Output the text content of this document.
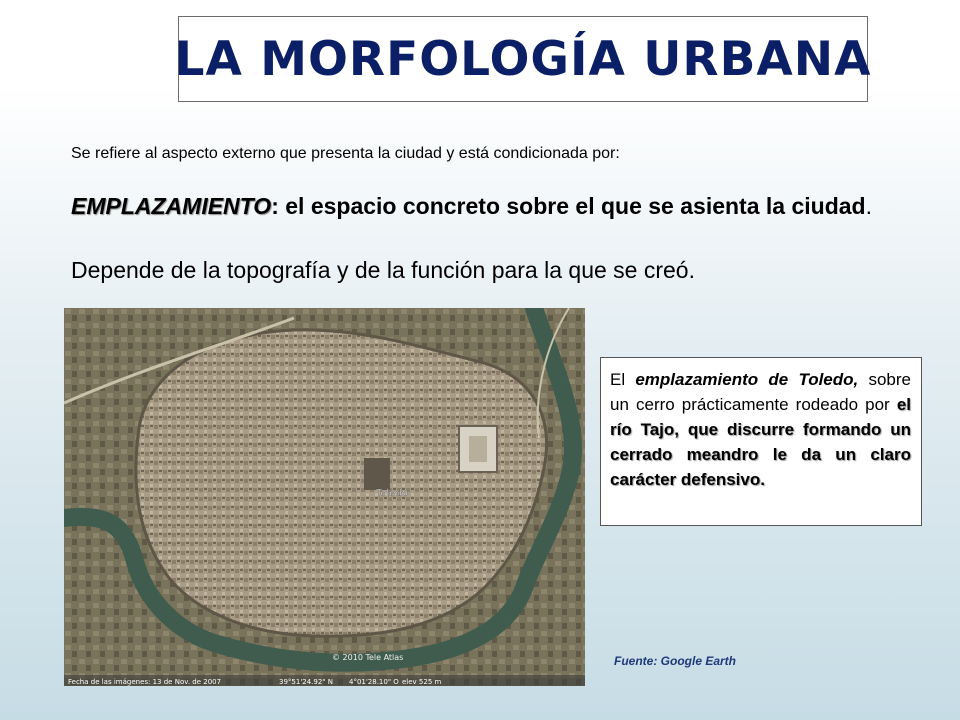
LA MORFOLOGÍA URBANA
Se refiere al aspecto externo que presenta la ciudad y está condicionada por:
EMPLAZAMIENTO: el espacio concreto sobre el que se asienta la ciudad.
Depende de la topografía y de la función para la que se creó.
Toledo
© 2010 Tele Atlas
Fecha de las imágenes: 13 de Nov. de 2007	39°51'24.92" N 4°01'28.10" O elev 525 m
El emplazamiento de Toledo, sobre un cerro prácticamente rodeado por el río Tajo, que discurre formando un cerrado meandro le da un claro carácter defensivo.
Fuente: Google Earth
